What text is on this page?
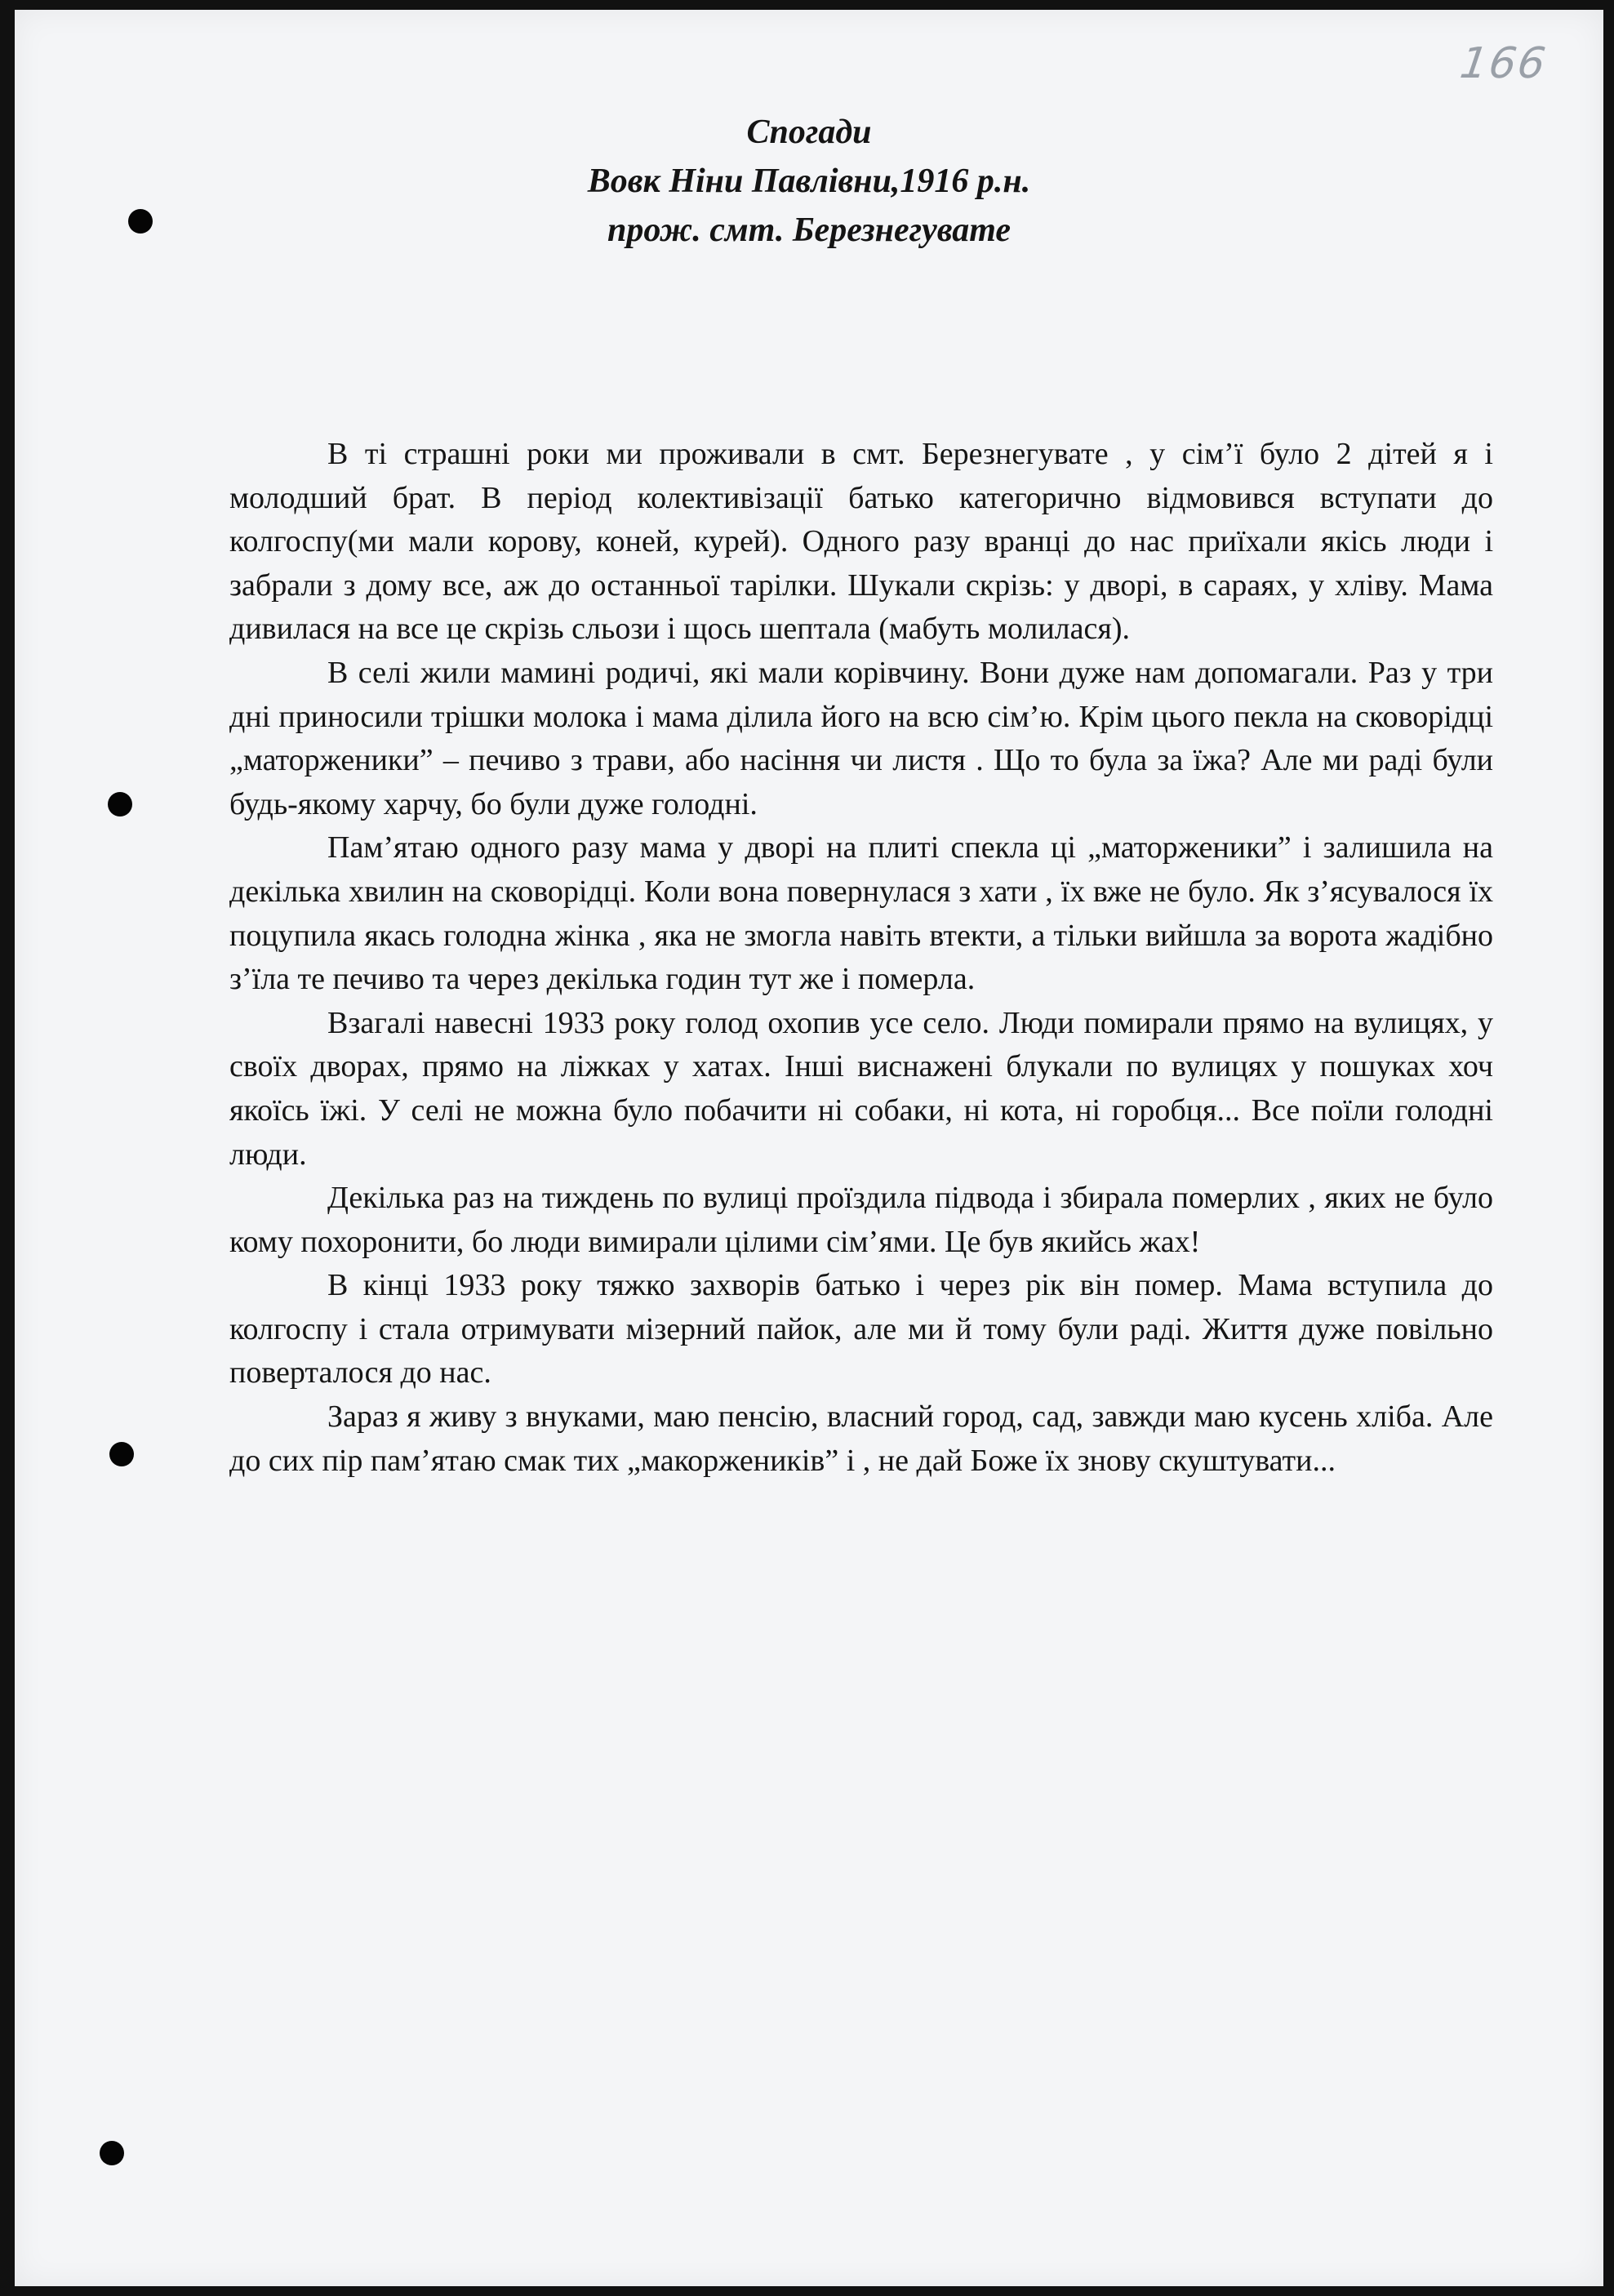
166
Спогади
Вовк Ніни Павлівни,1916 р.н.
прож. смт. Березнегувате

В ті страшні роки ми проживали в смт. Березнегувате , у сім’ї було 2 дітей я і молодший брат. В період колективізації батько категорично відмовився вступати до колгоспу(ми мали корову, коней, курей). Одного разу вранці до нас приїхали якісь люди і забрали з дому все, аж до останньої тарілки. Шукали скрізь: у дворі, в сараях, у хліву. Мама дивилася на все це скрізь сльози і щось шептала (мабуть молилася).

В селі жили мамині родичі, які мали корівчину. Вони дуже нам допомагали. Раз у три дні приносили трішки молока і мама ділила його на всю сім’ю. Крім цього пекла на сковорідці „маторженики” – печиво з трави, або насіння чи листя . Що то була за їжа? Але ми раді були будь-якому харчу, бо були дуже голодні.

Пам’ятаю одного разу мама у дворі на плиті спекла ці „маторженики” і залишила на декілька хвилин на сковорідці. Коли вона повернулася з хати , їх вже не було. Як з’ясувалося їх поцупила якась голодна жінка , яка не змогла навіть втекти, а тільки вийшла за ворота жадібно з’їла те печиво та через декілька годин тут же і померла.

Взагалі навесні 1933 року голод охопив усе село. Люди помирали прямо на вулицях, у своїх дворах, прямо на ліжках у хатах. Інші виснажені блукали по вулицях у пошуках хоч якоїсь їжі. У селі не можна було побачити ні собаки, ні кота, ні горобця... Все поїли голодні люди.

Декілька раз на тиждень по вулиці проїздила підвода і збирала померлих , яких не було кому похоронити, бо люди вимирали цілими сім’ями. Це був якийсь жах!

В кінці 1933 року тяжко захворів батько і через рік він помер. Мама вступила до колгоспу і стала отримувати мізерний пайок, але ми й тому були раді. Життя дуже повільно поверталося до нас.

Зараз я живу з внуками, маю пенсію, власний город, сад, завжди маю кусень хліба. Але до сих пір пам’ятаю смак тих „макоржеників” і , не дай Боже їх знову скуштувати...
